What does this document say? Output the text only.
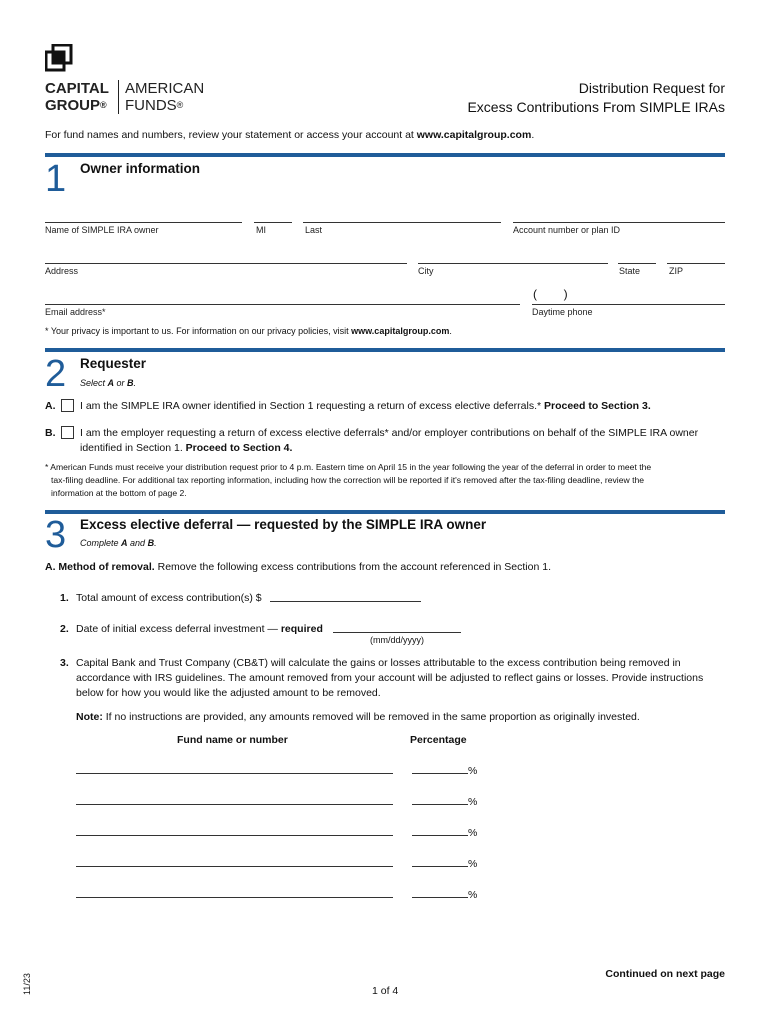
CAPITAL
GROUP®
AMERICAN
FUNDS®
Distribution Request for
Excess Contributions From SIMPLE IRAs
For fund names and numbers, review your statement or access your account at www.capitalgroup.com.
1 Owner information
Name of SIMPLE IRA owner	MI	Last	Account number or plan ID
Address	City	State	ZIP
Email address*
(        )
Daytime phone
* Your privacy is important to us. For information on our privacy policies, visit www.capitalgroup.com.
2 Requester
Select A or B.
A. I am the SIMPLE IRA owner identified in Section 1 requesting a return of excess elective deferrals.* Proceed to Section 3.
B. I am the employer requesting a return of excess elective deferrals* and/or employer contributions on behalf of the SIMPLE IRA owner
identified in Section 1. Proceed to Section 4.
* American Funds must receive your distribution request prior to 4 p.m. Eastern time on April 15 in the year following the year of the deferral in order to meet the
tax-filing deadline. For additional tax reporting information, including how the correction will be reported if it's removed after the tax-filing deadline, review the
information at the bottom of page 2.
3 Excess elective deferral — requested by the SIMPLE IRA owner
Complete A and B.
A. Method of removal. Remove the following excess contributions from the account referenced in Section 1.
1. Total amount of excess contribution(s) $
2. Date of initial excess deferral investment — required
(mm/dd/yyyy)
3. Capital Bank and Trust Company (CB&T) will calculate the gains or losses attributable to the excess contribution being removed in
accordance with IRS guidelines. The amount removed from your account will be adjusted to reflect gains or losses. Provide instructions
below for how you would like the adjusted amount to be removed.
Note: If no instructions are provided, any amounts removed will be removed in the same proportion as originally invested.
Fund name or number	Percentage
%
%
%
%
%
Continued on next page
1 of 4
11/23
